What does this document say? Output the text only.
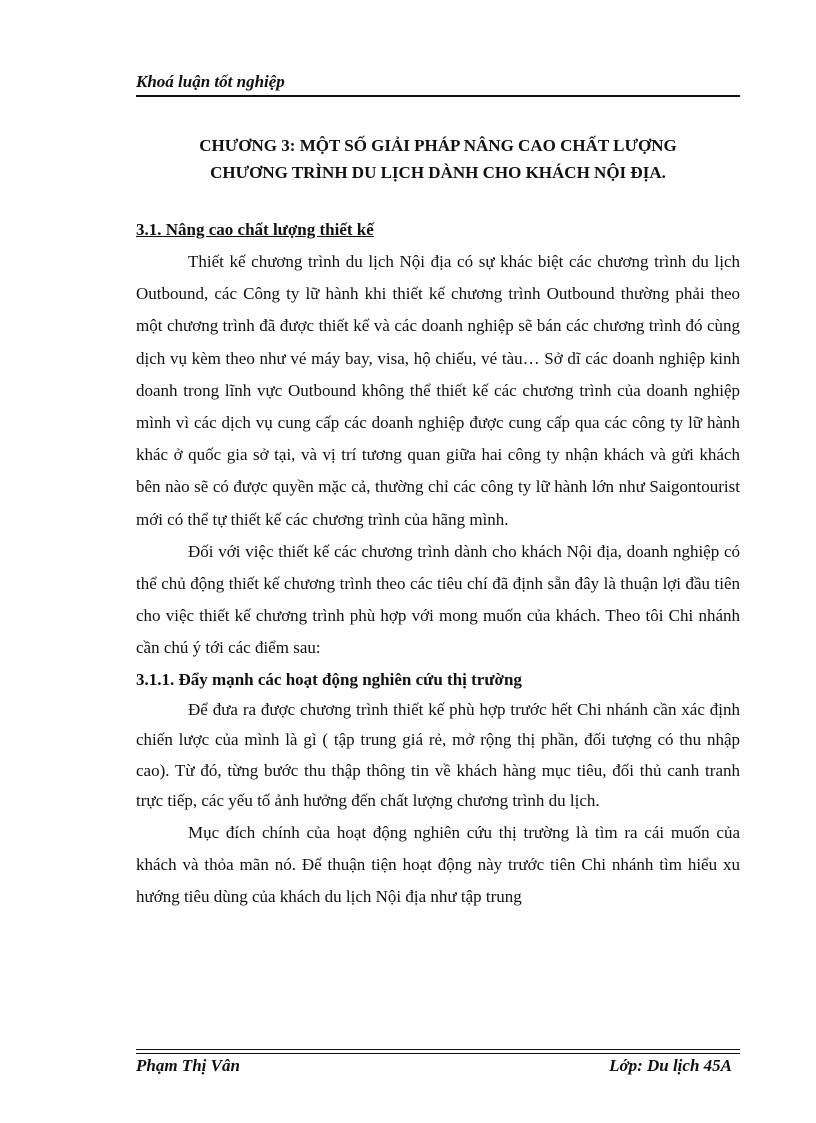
Khoá luận tốt nghiệp
CHƯƠNG 3: MỘT SỐ GIẢI PHÁP NÂNG CAO CHẤT LƯỢNG
CHƯƠNG TRÌNH DU LỊCH DÀNH CHO KHÁCH NỘI ĐỊA.
3.1. Nâng cao chất lượng thiết kế

Thiết kế chương trình du lịch Nội địa có sự khác biệt các chương trình du lịch Outbound, các Công ty lữ hành khi thiết kế chương trình Outbound thường phải theo một chương trình đã được thiết kế và các doanh nghiệp sẽ bán các chương trình đó cùng dịch vụ kèm theo như vé máy bay, visa, hộ chiếu, vé tàu… Sở dĩ các doanh nghiệp kinh doanh trong lĩnh vực Outbound không thể thiết kế các chương trình của doanh nghiệp mình vì các dịch vụ cung cấp các doanh nghiệp được cung cấp qua các công ty lữ hành khác ở quốc gia sở tại, và vị trí tương quan giữa hai công ty nhận khách và gửi khách bên nào sẽ có được quyền mặc cả, thường chỉ các công ty lữ hành lớn như Saigontourist mới có thể tự thiết kế các chương trình của hãng mình.

Đối với việc thiết kế các chương trình dành cho khách Nội địa, doanh nghiệp có thể chủ động thiết kế chương trình theo các tiêu chí đã định sẵn đây là thuận lợi đầu tiên cho việc thiết kế chương trình phù hợp với mong muốn của khách. Theo tôi Chi nhánh cần chú ý tới các điểm sau:

3.1.1. Đẩy mạnh các hoạt động nghiên cứu thị trường

Để đưa ra được chương trình thiết kế phù hợp trước hết Chi nhánh cần xác định chiến lược của mình là gì ( tập trung giá rẻ, mở rộng thị phần, đối tượng có thu nhập cao). Từ đó, từng bước thu thập thông tin về khách hàng mục tiêu, đối thủ canh tranh trực tiếp, các yếu tố ảnh hưởng đến chất lượng chương trình du lịch.

Mục đích chính của hoạt động nghiên cứu thị trường là tìm ra cái muốn của khách và thỏa mãn nó. Để thuận tiện hoạt động này trước tiên Chi nhánh tìm hiểu xu hướng tiêu dùng của khách du lịch Nội địa như tập trung

Phạm Thị Vân	Lớp: Du lịch 45A
